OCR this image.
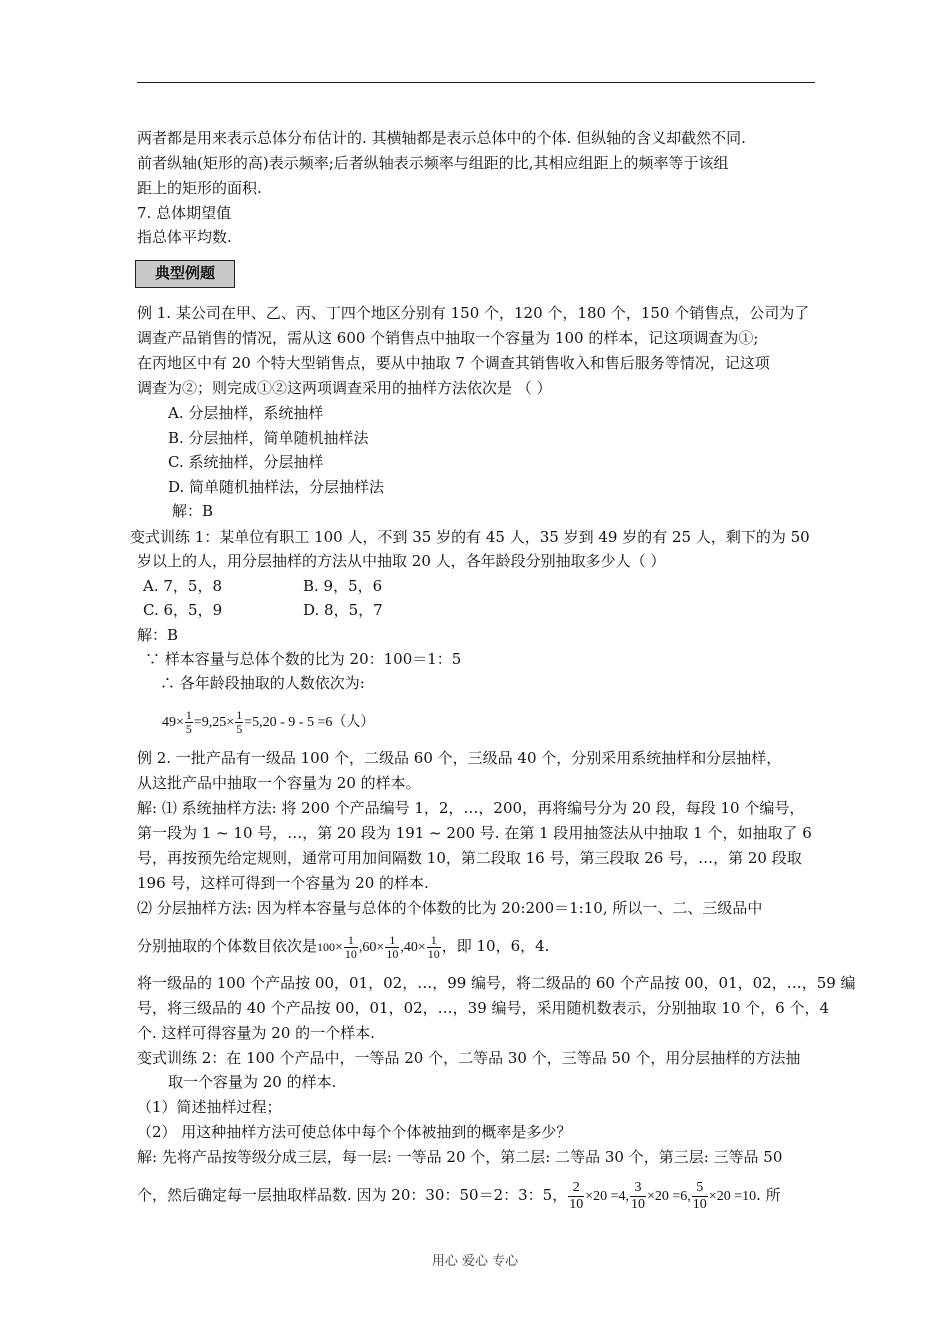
两者都是用来表示总体分布估计的. 其横轴都是表示总体中的个体. 但纵轴的含义却截然不同.
前者纵轴(矩形的高)表示频率;后者纵轴表示频率与组距的比,其相应组距上的频率等于该组
距上的矩形的面积.
7. 总体期望值
指总体平均数.
典型例题
例 1. 某公司在甲、乙、丙、丁四个地区分别有 150 个，120 个，180 个，150 个销售点，公司为了
调查产品销售的情况，需从这 600 个销售点中抽取一个容量为 100 的样本，记这项调查为①;
在丙地区中有 20 个特大型销售点，要从中抽取 7 个调查其销售收入和售后服务等情况，记这项
调查为②；则完成①②这两项调查采用的抽样方法依次是 （ ）
A. 分层抽样，系统抽样
B. 分层抽样，简单随机抽样法
C. 系统抽样，分层抽样
D. 简单随机抽样法，分层抽样法
解：B
变式训练 1：某单位有职工 100 人，不到 35 岁的有 45 人，35 岁到 49 岁的有 25 人，剩下的为 50
岁以上的人，用分层抽样的方法从中抽取 20 人，各年龄段分别抽取多少人（ ）
A. 7，5，8	B. 9，5，6
C. 6，5，9	D. 8，5，7
解：B
∵ 样本容量与总体个数的比为 20：100＝1：5
∴ 各年龄段抽取的人数依次为:
$49\times \frac{1}{5} =9,25\times \frac{1}{5} =5,20 - 9 - 5 =6$（人）
例 2. 一批产品有一级品 100 个，二级品 60 个，三级品 40 个，分别采用系统抽样和分层抽样，
从这批产品中抽取一个容量为 20 的样本。
解: ⑴ 系统抽样方法: 将 200 个产品编号 1，2，…，200，再将编号分为 20 段，每段 10 个编号，
第一段为 1 ~ 10 号，…，第 20 段为 191 ~ 200 号. 在第 1 段用抽签法从中抽取 1 个，如抽取了 6
号，再按预先给定规则，通常可用加间隔数 10，第二段取 16 号，第三段取 26 号，…，第 20 段取
196 号，这样可得到一个容量为 20 的样本.
⑵ 分层抽样方法: 因为样本容量与总体的个体数的比为 20:200＝1:10, 所以一、二、三级品中
分别抽取的个体数目依次是$100\times \frac{1}{10} ,60\times \frac{1}{10} ,40\times \frac{1}{10}$ ，即 10，6，4.
将一级品的 100 个产品按 00，01，02，…，99 编号，将二级品的 60 个产品按 00，01，02，…，59 编
号，将三级品的 40 个产品按 00，01，02，…，39 编号，采用随机数表示，分别抽取 10 个，6 个，4
个. 这样可得容量为 20 的一个样本.
变式训练 2：在 100 个产品中，一等品 20 个，二等品 30 个，三等品 50 个，用分层抽样的方法抽
取一个容量为 20 的样本.
（1）简述抽样过程；
（2） 用这种抽样方法可使总体中每个个体被抽到的概率是多少？
解: 先将产品按等级分成三层，每一层: 一等品 20 个，第二层: 二等品 30 个，第三层: 三等品 50
个，然后确定每一层抽取样品数. 因为 20：30：50＝2：3：5， $\frac{2}{10} \times 20 =4$, $\frac{3}{10} \times 20 =6$, $\frac{5}{10} \times 20 =10$. 所
用心 爱心 专心
